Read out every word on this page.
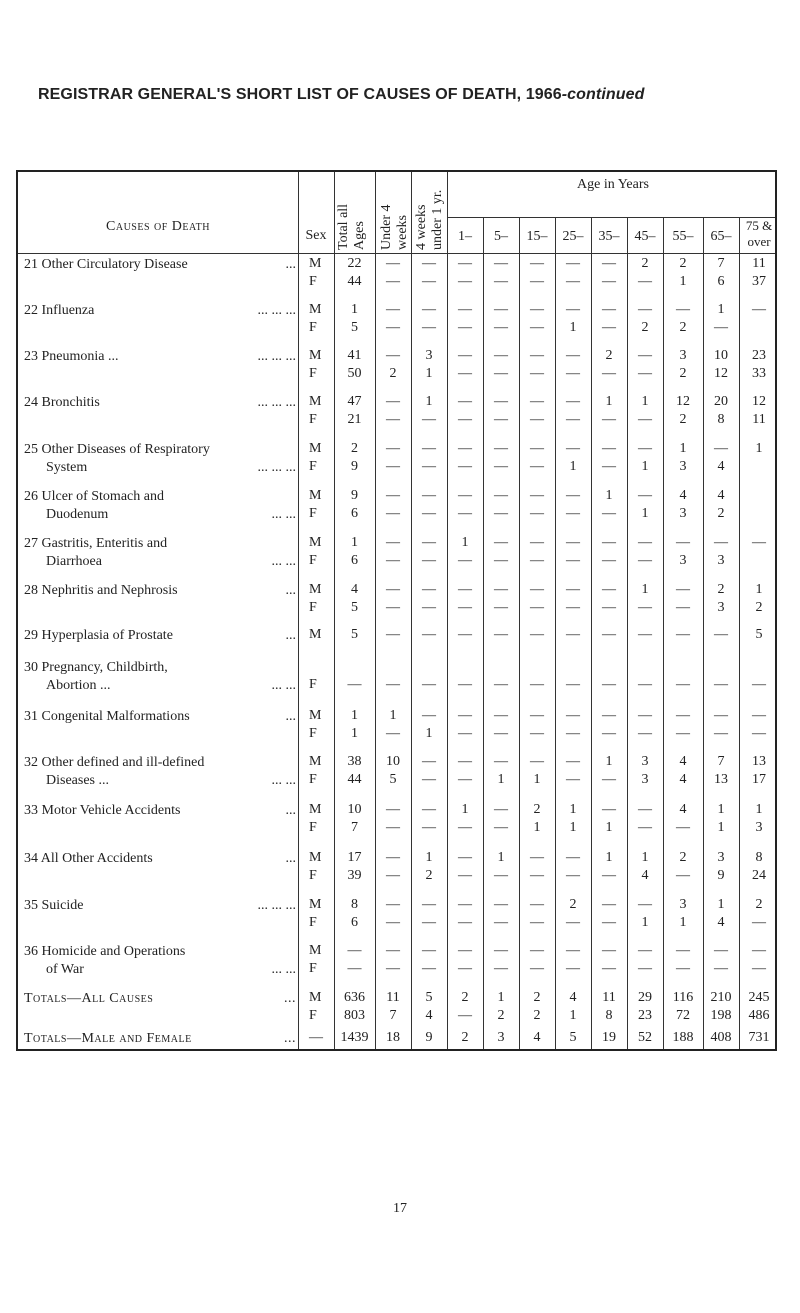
REGISTRAR GENERAL'S SHORT LIST OF CAUSES OF DEATH, 1966-continued
Causes of Death
Sex Total all Ages Under 4 weeks 4 weeks under 1 yr.
Age in Years
1–	5–	15–	25–	35–	45–	55–	65–
75 & over
21 Other Circulatory Disease	... M	22	—	—	—	—	—	—	—	2	2	7	11
F	44	—	—	—	—	—	—	—	—	1	6	37
22 Influenza	... ... ... M	1	—	—	—	—	—	—	—	—	—	1	—
F	5	—	—	—	—	—	1	—	2	2	—
23 Pneumonia ...	... ... ... M	41	—	3	—	—	—	—	2	—	3	10	23
F	50	2	1	—	—	—	—	—	—	2	12	33
24 Bronchitis	... ... ... M	47	—	1	—	—	—	—	1	1	12	20	12
F	21	—	—	—	—	—	—	—	—	2	8	11
25 Other Diseases of Respiratory
System	... ... ...
M	2	—	—	—	—	—	—	—	—	1	—	1
F	9	—	—	—	—	—	1	—	1	3	4
26 Ulcer of Stomach and
Duodenum	... ...
M	9	—	—	—	—	—	—	1	—	4	4
F	6	—	—	—	—	—	—	—	1	3	2
27 Gastritis, Enteritis and
Diarrhoea	... ...
M	1	—	—	1	—	—	—	—	—	—	—	—
F	6	—	—	—	—	—	—	—	—	3	3
28 Nephritis and Nephrosis	... M	4	—	—	—	—	—	—	—	1	—	2	1
F	5	—	—	—	—	—	—	—	—	—	3	2
29 Hyperplasia of Prostate	... M	5	—	—	—	—	—	—	—	—	—	—	5
30 Pregnancy, Childbirth,
Abortion ...	... ... F	—	—	—	—	—	—	—	—	—	—	—	—
31 Congenital Malformations	... M	1	1	—	—	—	—	—	—	—	—	—	—
F	1	—	1	—	—	—	—	—	—	—	—	—
32 Other defined and ill-defined
Diseases ...	... ...
M	38	10	—	—	—	—	—	1	3	4	7	13
F	44	5	—	—	1	1	—	—	3	4	13	17
33 Motor Vehicle Accidents	... M	10	—	—	1	—	2	1	—	—	4	1	1
F	7	—	—	—	—	1	1	1	—	—	1	3
34 All Other Accidents	... M	17	—	1	—	1	—	—	1	1	2	3	8
F	39	—	2	—	—	—	—	—	4	—	9	24
35 Suicide	... ... ... M	8	—	—	—	—	—	2	—	—	3	1	2
F	6	—	—	—	—	—	—	—	1	1	4	—
36 Homicide and Operations
of War	... ...
M	—	—	—	—	—	—	—	—	—	—	—	—
F	—	—	—	—	—	—	—	—	—	—	—	—
Totals—All Causes	... M	636	11	5	2	1	2	4	11	29	116	210	245
F	803	7	4	—	2	2	1	8	23	72	198	486
Totals—Male and Female	... —	1439	18	9	2	3	4	5	19	52	188	408	731
17
